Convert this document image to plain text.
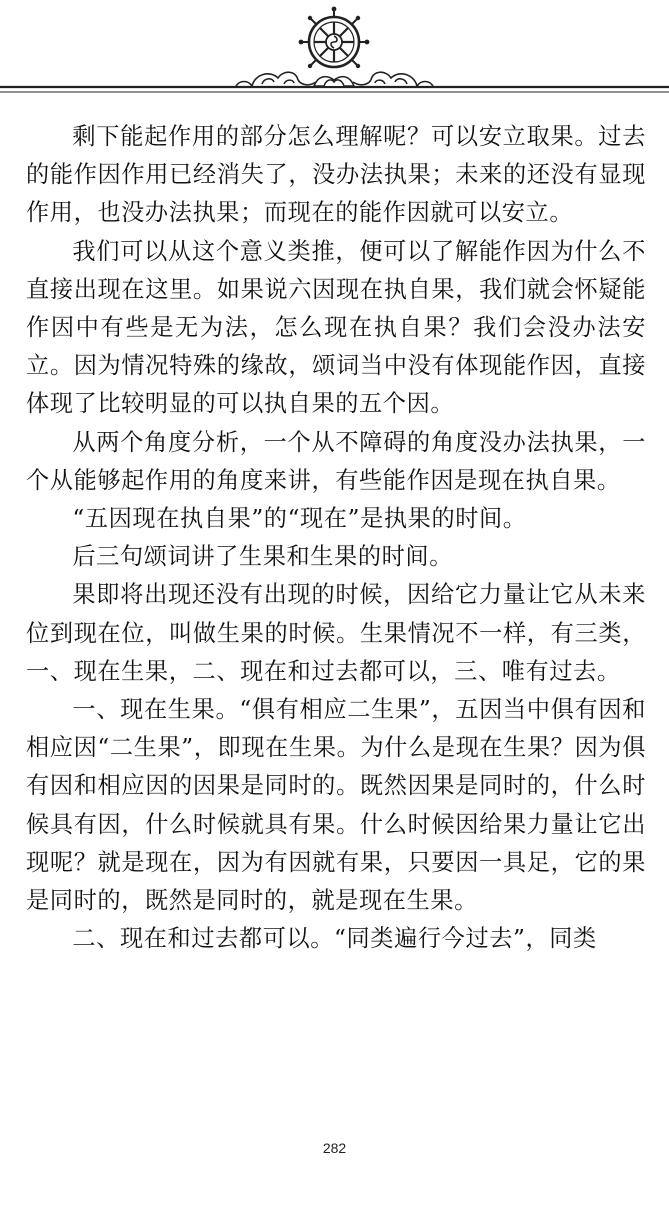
剩下能起作用的部分怎么理解呢？可以安立取果。过去的能作因作用已经消失了，没办法执果；未来的还没有显现作用，也没办法执果；而现在的能作因就可以安立。

我们可以从这个意义类推，便可以了解能作因为什么不直接出现在这里。如果说六因现在执自果，我们就会怀疑能作因中有些是无为法，怎么现在执自果？我们会没办法安立。因为情况特殊的缘故，颂词当中没有体现能作因，直接体现了比较明显的可以执自果的五个因。

从两个角度分析，一个从不障碍的角度没办法执果，一个从能够起作用的角度来讲，有些能作因是现在执自果。

“五因现在执自果”的“现在”是执果的时间。

后三句颂词讲了生果和生果的时间。

果即将出现还没有出现的时候，因给它力量让它从未来位到现在位，叫做生果的时候。生果情况不一样，有三类，一、现在生果，二、现在和过去都可以，三、唯有过去。

一、现在生果。“俱有相应二生果”，五因当中俱有因和相应因“二生果”，即现在生果。为什么是现在生果？因为俱有因和相应因的因果是同时的。既然因果是同时的，什么时候具有因，什么时候就具有果。什么时候因给果力量让它出现呢？就是现在，因为有因就有果，只要因一具足，它的果是同时的，既然是同时的，就是现在生果。

二、现在和过去都可以。“同类遍行今过去”，同类

282
